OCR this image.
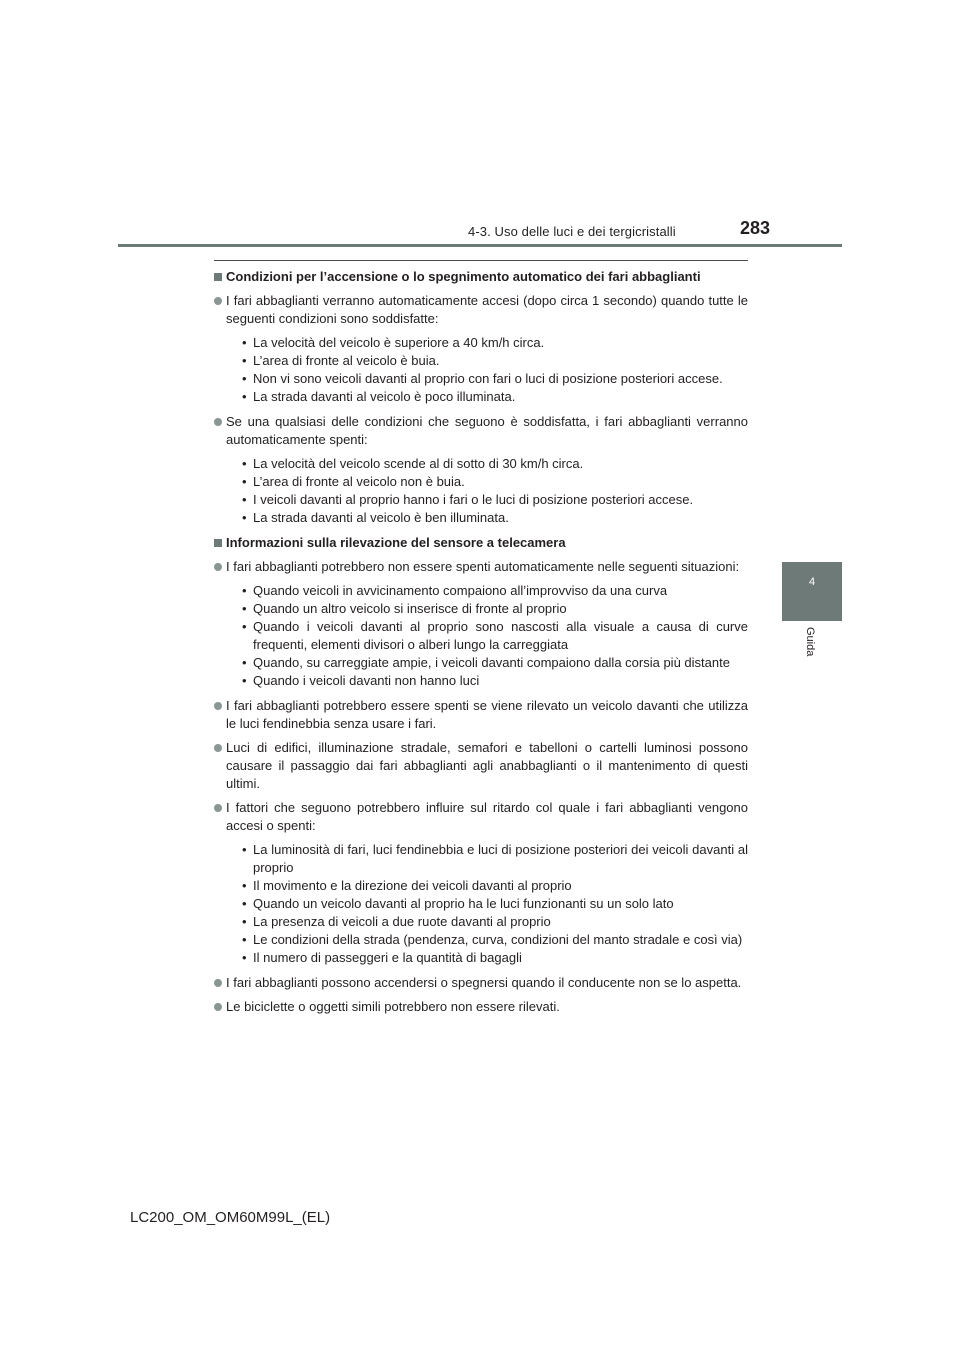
4-3. Uso delle luci e dei tergicristalli	283
4
Guida
Condizioni per l’accensione o lo spegnimento automatico dei fari abbaglianti
I fari abbaglianti verranno automaticamente accesi (dopo circa 1 secondo) quando tutte le seguenti condizioni sono soddisfatte:
• La velocità del veicolo è superiore a 40 km/h circa.
• L’area di fronte al veicolo è buia.
• Non vi sono veicoli davanti al proprio con fari o luci di posizione posteriori accese.
• La strada davanti al veicolo è poco illuminata.
Se una qualsiasi delle condizioni che seguono è soddisfatta, i fari abbaglianti verranno automaticamente spenti:
• La velocità del veicolo scende al di sotto di 30 km/h circa.
• L’area di fronte al veicolo non è buia.
• I veicoli davanti al proprio hanno i fari o le luci di posizione posteriori accese.
• La strada davanti al veicolo è ben illuminata.
Informazioni sulla rilevazione del sensore a telecamera
I fari abbaglianti potrebbero non essere spenti automaticamente nelle seguenti situazioni:
• Quando veicoli in avvicinamento compaiono all’improvviso da una curva
• Quando un altro veicolo si inserisce di fronte al proprio
• Quando i veicoli davanti al proprio sono nascosti alla visuale a causa di curve frequenti, elementi divisori o alberi lungo la carreggiata
• Quando, su carreggiate ampie, i veicoli davanti compaiono dalla corsia più distante
• Quando i veicoli davanti non hanno luci
I fari abbaglianti potrebbero essere spenti se viene rilevato un veicolo davanti che utilizza le luci fendinebbia senza usare i fari.
Luci di edifici, illuminazione stradale, semafori e tabelloni o cartelli luminosi possono causare il passaggio dai fari abbaglianti agli anabbaglianti o il mantenimento di questi ultimi.
I fattori che seguono potrebbero influire sul ritardo col quale i fari abbaglianti vengono accesi o spenti:
• La luminosità di fari, luci fendinebbia e luci di posizione posteriori dei veicoli davanti al proprio
• Il movimento e la direzione dei veicoli davanti al proprio
• Quando un veicolo davanti al proprio ha le luci funzionanti su un solo lato
• La presenza di veicoli a due ruote davanti al proprio
• Le condizioni della strada (pendenza, curva, condizioni del manto stradale e così via)
• Il numero di passeggeri e la quantità di bagagli
I fari abbaglianti possono accendersi o spegnersi quando il conducente non se lo aspetta.
Le biciclette o oggetti simili potrebbero non essere rilevati.
LC200_OM_OM60M99L_(EL)
